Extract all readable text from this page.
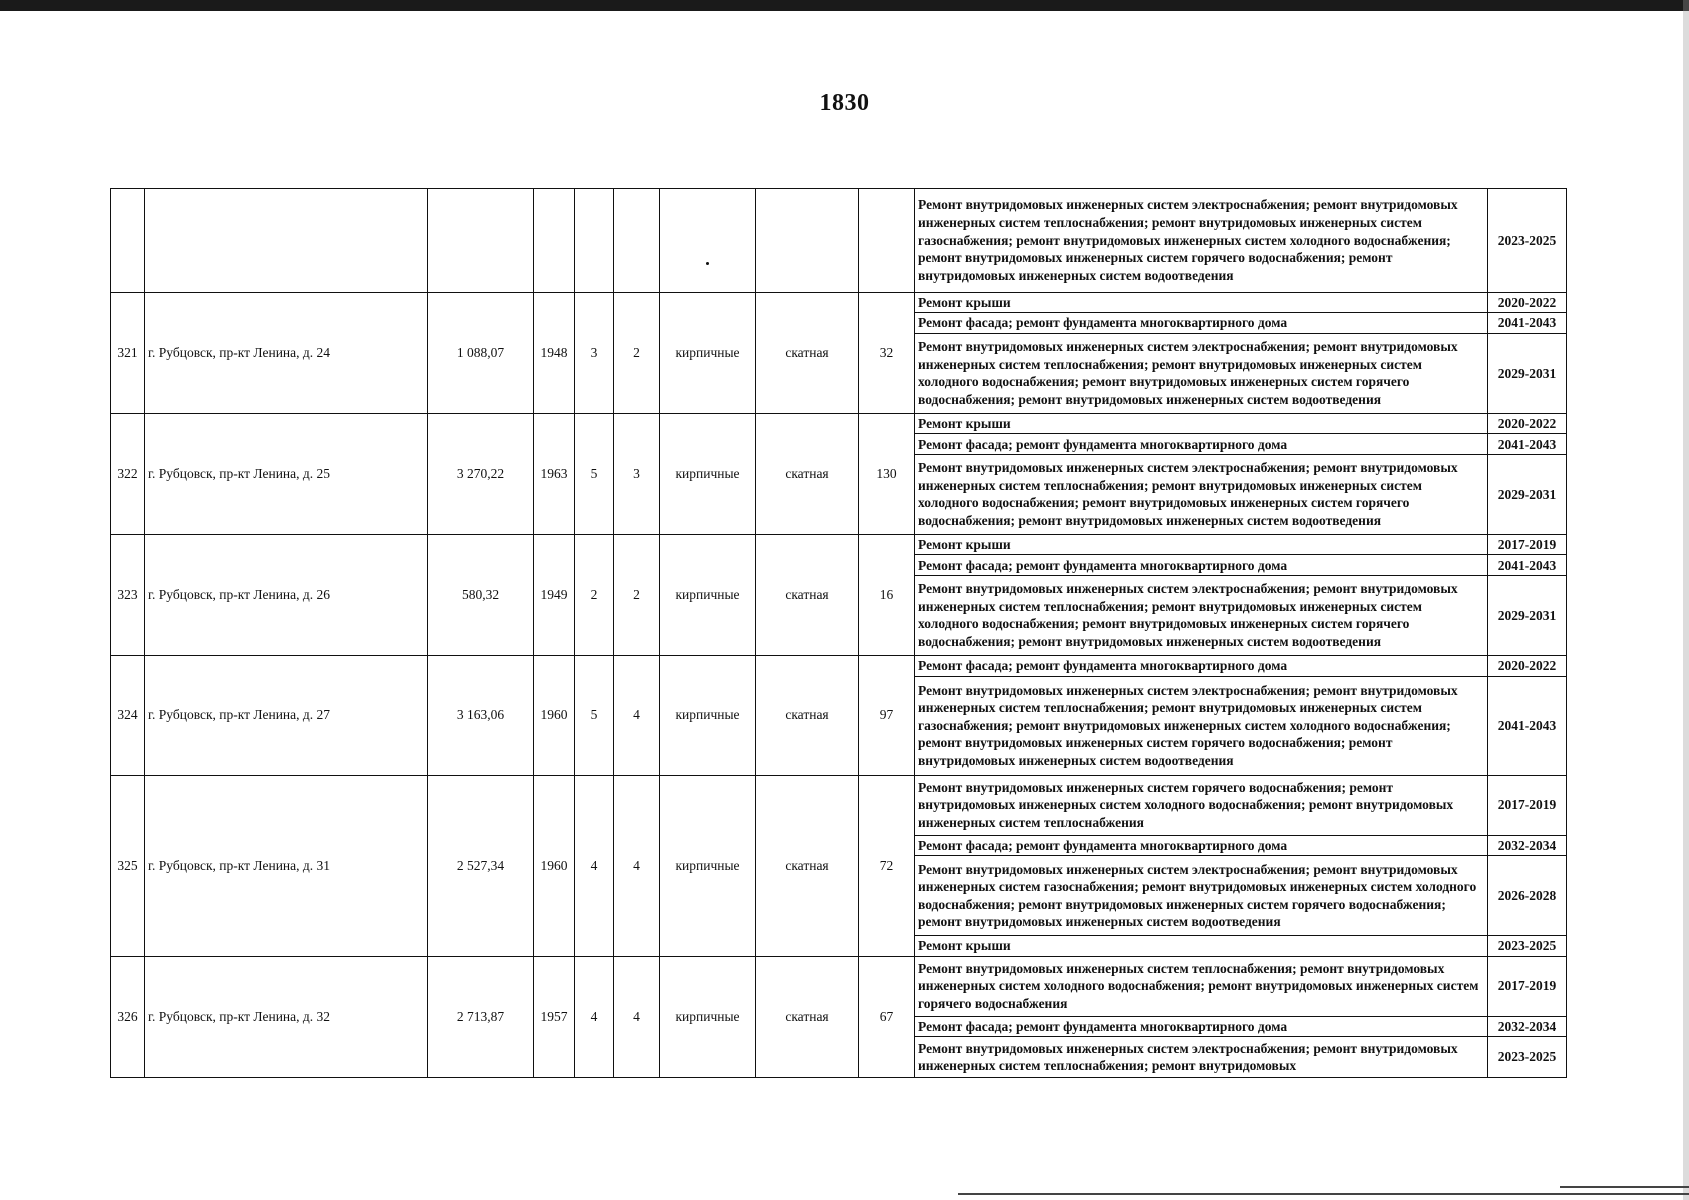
1830
									Ремонт внутридомовых инженерных систем электроснабжения; ремонт внутридомовых инженерных систем теплоснабжения; ремонт внутридомовых инженерных систем газоснабжения; ремонт внутридомовых инженерных систем холодного водоснабжения; ремонт внутридомовых инженерных систем горячего водоснабжения; ремонт внутридомовых инженерных систем водоотведения	2023-2025
321	г. Рубцовск, пр-кт Ленина, д. 24	1 088,07	1948	3	2	кирпичные	скатная	32	Ремонт крыши	2020-2022
									Ремонт фасада; ремонт фундамента многоквартирного дома	2041-2043
									Ремонт внутридомовых инженерных систем электроснабжения; ремонт внутридомовых инженерных систем теплоснабжения; ремонт внутридомовых инженерных систем холодного водоснабжения; ремонт внутридомовых инженерных систем горячего водоснабжения; ремонт внутридомовых инженерных систем водоотведения	2029-2031
322	г. Рубцовск, пр-кт Ленина, д. 25	3 270,22	1963	5	3	кирпичные	скатная	130	Ремонт крыши	2020-2022
									Ремонт фасада; ремонт фундамента многоквартирного дома	2041-2043
									Ремонт внутридомовых инженерных систем электроснабжения; ремонт внутридомовых инженерных систем теплоснабжения; ремонт внутридомовых инженерных систем холодного водоснабжения; ремонт внутридомовых инженерных систем горячего водоснабжения; ремонт внутридомовых инженерных систем водоотведения	2029-2031
323	г. Рубцовск, пр-кт Ленина, д. 26	580,32	1949	2	2	кирпичные	скатная	16	Ремонт крыши	2017-2019
									Ремонт фасада; ремонт фундамента многоквартирного дома	2041-2043
									Ремонт внутридомовых инженерных систем электроснабжения; ремонт внутридомовых инженерных систем теплоснабжения; ремонт внутридомовых инженерных систем холодного водоснабжения; ремонт внутридомовых инженерных систем горячего водоснабжения; ремонт внутридомовых инженерных систем водоотведения	2029-2031
324	г. Рубцовск, пр-кт Ленина, д. 27	3 163,06	1960	5	4	кирпичные	скатная	97	Ремонт фасада; ремонт фундамента многоквартирного дома	2020-2022
									Ремонт внутридомовых инженерных систем электроснабжения; ремонт внутридомовых инженерных систем теплоснабжения; ремонт внутридомовых инженерных систем газоснабжения; ремонт внутридомовых инженерных систем холодного водоснабжения; ремонт внутридомовых инженерных систем горячего водоснабжения; ремонт внутридомовых инженерных систем водоотведения	2041-2043
325	г. Рубцовск, пр-кт Ленина, д. 31	2 527,34	1960	4	4	кирпичные	скатная	72	Ремонт внутридомовых инженерных систем горячего водоснабжения; ремонт внутридомовых инженерных систем холодного водоснабжения; ремонт внутридомовых инженерных систем теплоснабжения	2017-2019
									Ремонт фасада; ремонт фундамента многоквартирного дома	2032-2034
									Ремонт внутридомовых инженерных систем электроснабжения; ремонт внутридомовых инженерных систем газоснабжения; ремонт внутридомовых инженерных систем холодного водоснабжения; ремонт внутридомовых инженерных систем горячего водоснабжения; ремонт внутридомовых инженерных систем водоотведения	2026-2028
									Ремонт крыши	2023-2025
326	г. Рубцовск, пр-кт Ленина, д. 32	2 713,87	1957	4	4	кирпичные	скатная	67	Ремонт внутридомовых инженерных систем теплоснабжения; ремонт внутридомовых инженерных систем холодного водоснабжения; ремонт внутридомовых инженерных систем горячего водоснабжения	2017-2019
									Ремонт фасада; ремонт фундамента многоквартирного дома	2032-2034
									Ремонт внутридомовых инженерных систем электроснабжения; ремонт внутридомовых инженерных систем теплоснабжения; ремонт внутридомовых	2023-2025
